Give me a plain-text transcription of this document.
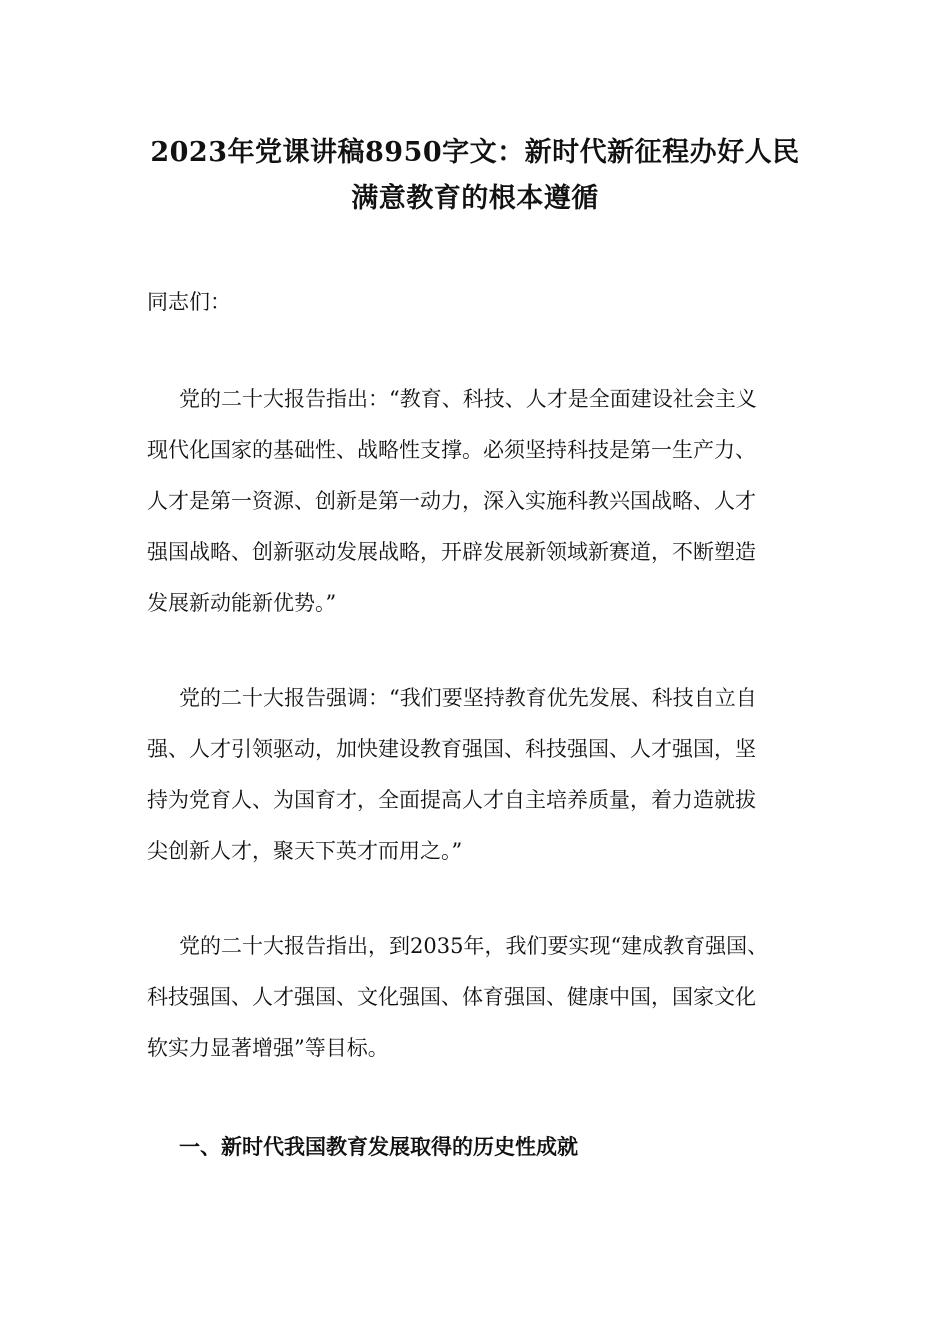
2023年党课讲稿8950字文：新时代新征程办好人民
满意教育的根本遵循
同志们：
党的二十大报告指出：“教育、科技、人才是全面建设社会主义
现代化国家的基础性、战略性支撑。必须坚持科技是第一生产力、
人才是第一资源、创新是第一动力，深入实施科教兴国战略、人才
强国战略、创新驱动发展战略，开辟发展新领域新赛道，不断塑造
发展新动能新优势。”
党的二十大报告强调：“我们要坚持教育优先发展、科技自立自
强、人才引领驱动，加快建设教育强国、科技强国、人才强国，坚
持为党育人、为国育才，全面提高人才自主培养质量，着力造就拔
尖创新人才，聚天下英才而用之。”
党的二十大报告指出，到2035年，我们要实现“建成教育强国、
科技强国、人才强国、文化强国、体育强国、健康中国，国家文化
软实力显著增强”等目标。
一、新时代我国教育发展取得的历史性成就
